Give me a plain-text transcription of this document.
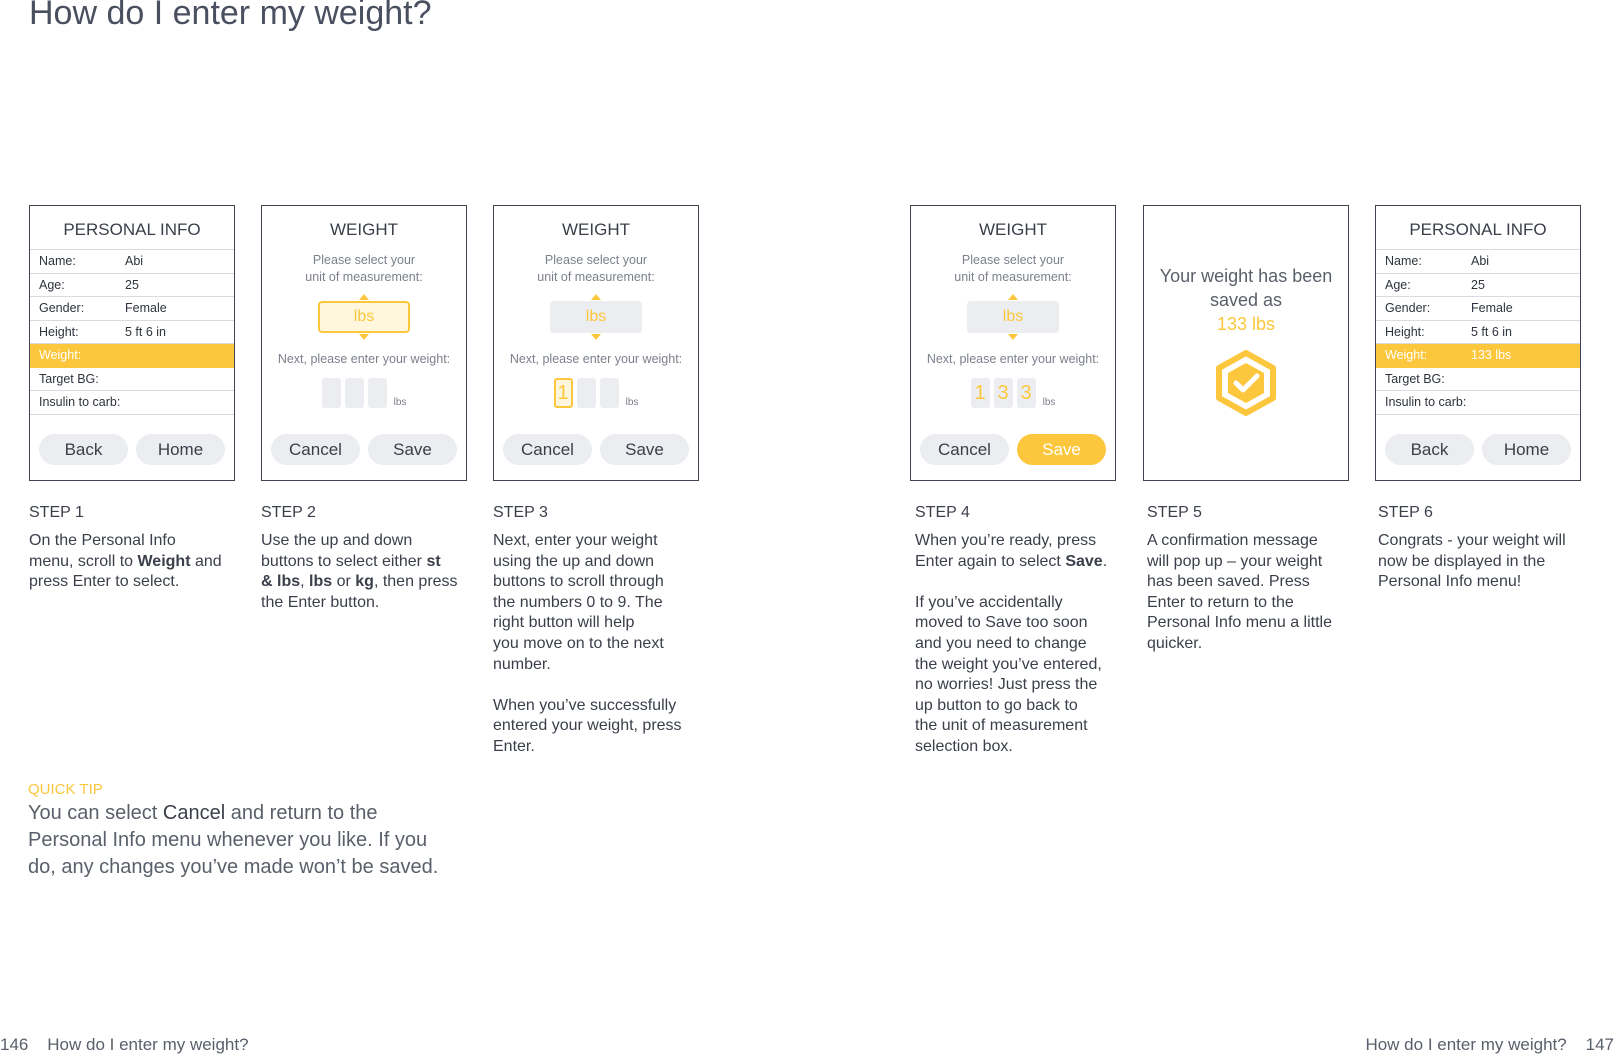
How do I enter my weight?
PERSONAL INFO
Name:	Abi
Age:	25
Gender:	Female
Height:	5 ft 6 in
Weight:
Target BG:
Insulin to carb:
Back	Home
WEIGHT
Please select your
unit of measurement:
lbs
Next, please enter your weight:
lbs
Cancel	Save
WEIGHT
Please select your
unit of measurement:
lbs
Next, please enter your weight:
1	lbs
Cancel	Save
WEIGHT
Please select your
unit of measurement:
lbs
Next, please enter your weight:
1 3 3	lbs
Cancel	Save
Your weight has been
saved as
133 lbs
PERSONAL INFO
Name:	Abi
Age:	25
Gender:	Female
Height:	5 ft 6 in
Weight:	133 lbs
Target BG:
Insulin to carb:
Back	Home
STEP 1	STEP 2	STEP 3	STEP 4	STEP 5	STEP 6
On the Personal Info
menu, scroll to Weight and
press Enter to select.
Use the up and down
buttons to select either st
& lbs, lbs or kg, then press
the Enter button.
Next, enter your weight
using the up and down
buttons to scroll through
the numbers 0 to 9. The
right button will help
you move on to the next
number.

When you’ve successfully
entered your weight, press
Enter.
When you’re ready, press
Enter again to select Save.

If you’ve accidentally
moved to Save too soon
and you need to change
the weight you’ve entered,
no worries! Just press the
up button to go back to
the unit of measurement
selection box.
A confirmation message
will pop up – your weight
has been saved. Press
Enter to return to the
Personal Info menu a little
quicker.
Congrats - your weight will
now be displayed in the
Personal Info menu!
QUICK TIP
You can select Cancel and return to the
Personal Info menu whenever you like. If you
do, any changes you’ve made won’t be saved.
146 How do I enter my weight?	How do I enter my weight? 147
